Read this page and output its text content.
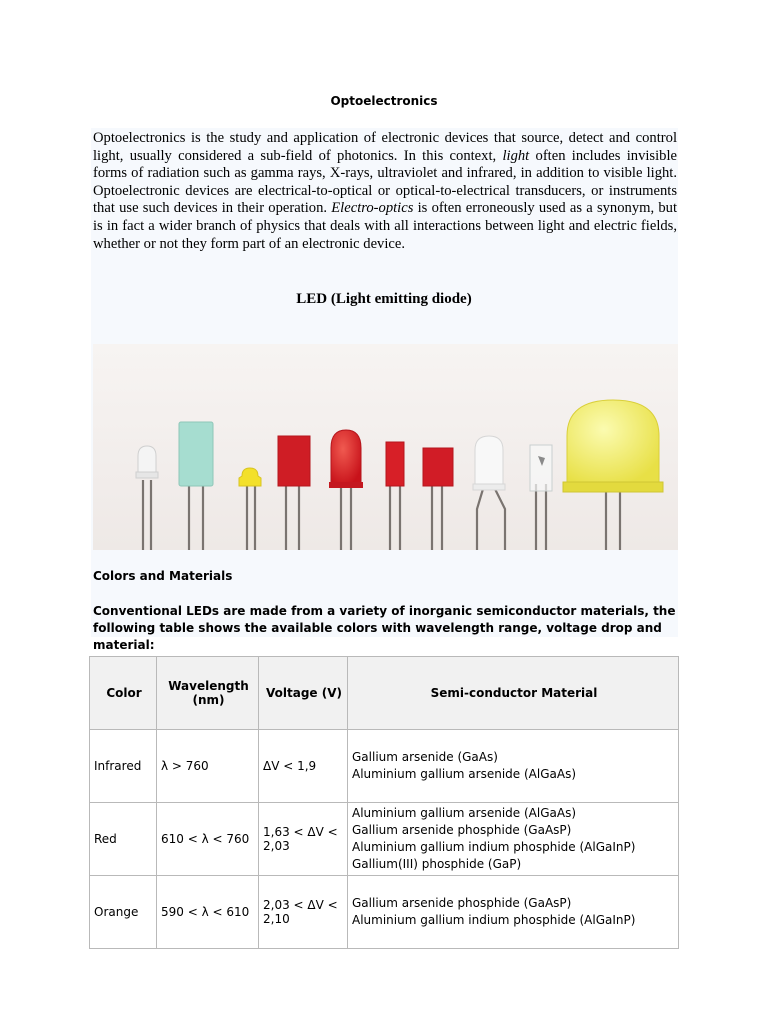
Optoelectronics
Optoelectronics is the study and application of electronic devices that source, detect and control light, usually considered a sub-field of photonics. In this context, light often includes invisible forms of radiation such as gamma rays, X-rays, ultraviolet and infrared, in addition to visible light. Optoelectronic devices are electrical-to-optical or optical-to-electrical transducers, or instruments that use such devices in their operation. Electro-optics is often erroneously used as a synonym, but is in fact a wider branch of physics that deals with all interactions between light and electric fields, whether or not they form part of an electronic device.
LED (Light emitting diode)
Colors and Materials
Conventional LEDs are made from a variety of inorganic semiconductor materials, the following table shows the available colors with wavelength range, voltage drop and material:
Color	Wavelength (nm)	Voltage (V)	Semi-conductor Material
Infrared	λ > 760	ΔV < 1,9	Gallium arsenide (GaAs)
Aluminium gallium arsenide (AlGaAs)

Red	610 < λ < 760	1,63 < ΔV < 2,03	Aluminium gallium arsenide (AlGaAs)
Gallium arsenide phosphide (GaAsP)
Aluminium gallium indium phosphide (AlGaInP)
Gallium(III) phosphide (GaP)

Orange	590 < λ < 610	2,03 < ΔV < 2,10	Gallium arsenide phosphide (GaAsP)
Aluminium gallium indium phosphide (AlGaInP)
